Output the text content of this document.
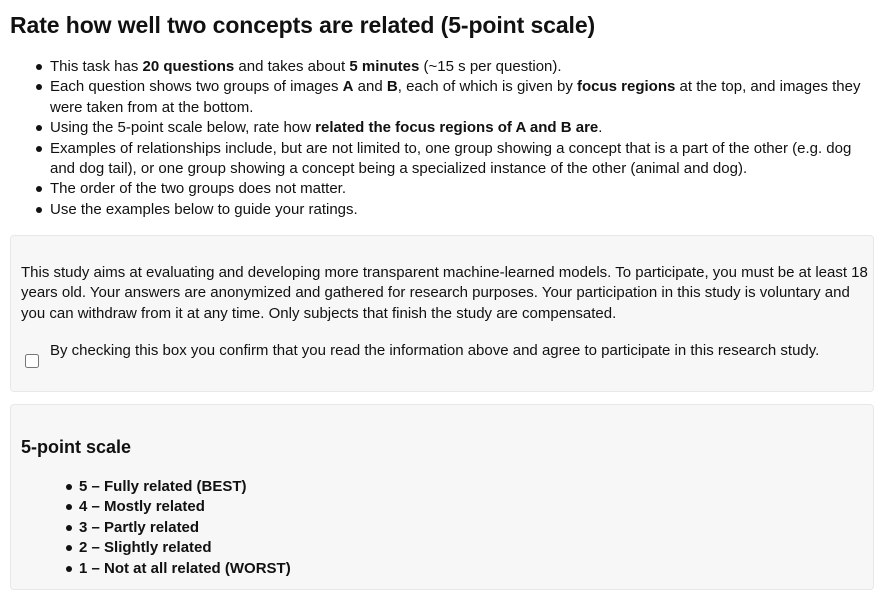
Rate how well two concepts are related (5-point scale)
This task has 20 questions and takes about 5 minutes (~15 s per question).
Each question shows two groups of images A and B, each of which is given by focus regions at the top, and images they were taken from at the bottom.
Using the 5-point scale below, rate how related the focus regions of A and B are.
Examples of relationships include, but are not limited to, one group showing a concept that is a part of the other (e.g. dog and dog tail), or one group showing a concept being a specialized instance of the other (animal and dog).
The order of the two groups does not matter.
Use the examples below to guide your ratings.

This study aims at evaluating and developing more transparent machine-learned models. To participate, you must be at least 18 years old. Your answers are anonymized and gathered for research purposes. Your participation in this study is voluntary and you can withdraw from it at any time. Only subjects that finish the study are compensated.

By checking this box you confirm that you read the information above and agree to participate in this research study.
5-point scale
5 – Fully related (BEST)
4 – Mostly related
3 – Partly related
2 – Slightly related
1 – Not at all related (WORST)
